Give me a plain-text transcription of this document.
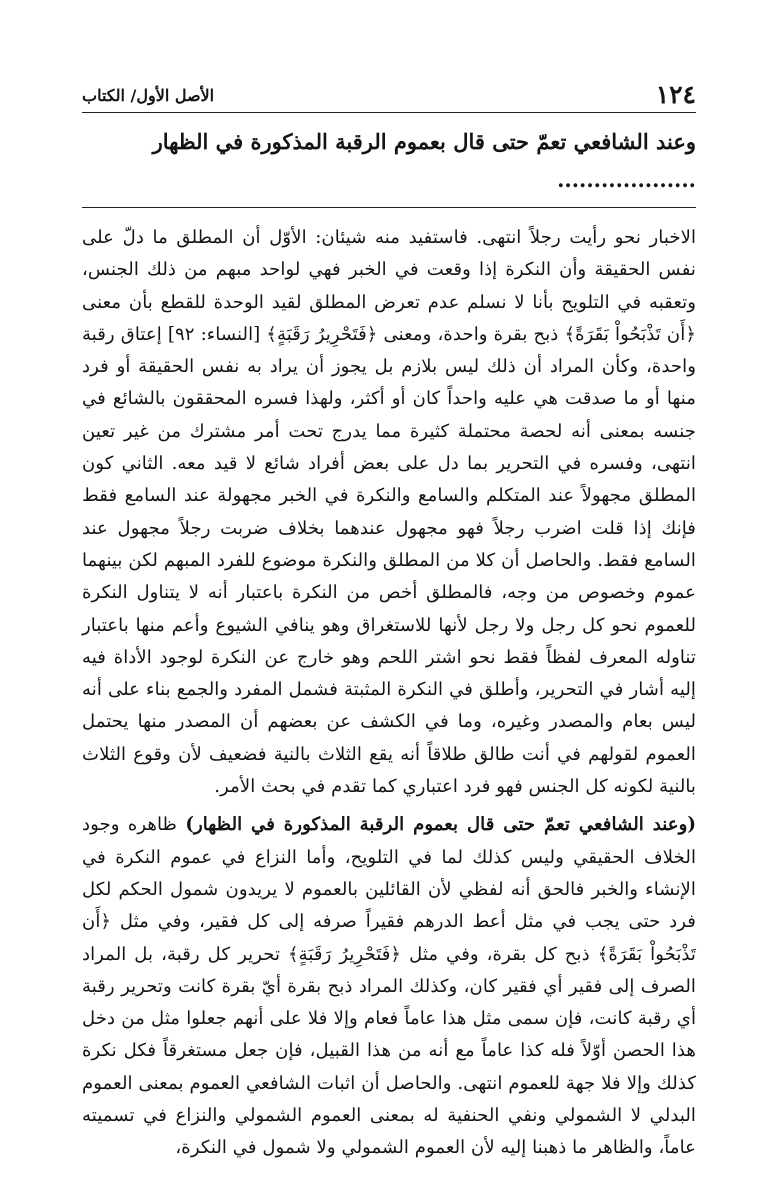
١٢٤
الأصل الأول/ الكتاب
وعند الشافعي تعمّ حتى قال بعموم الرقبة المذكورة في الظهار ...................

الاخبار نحو رأيت رجلاً انتهى. فاستفيد منه شيئان: الأوّل أن المطلق ما دلّ على نفس الحقيقة وأن النكرة إذا وقعت في الخبر فهي لواحد مبهم من ذلك الجنس، وتعقبه في التلويح بأنا لا نسلم عدم تعرض المطلق لقيد الوحدة للقطع بأن معنى ﴿أَن تَذْبَحُواْ بَقَرَةً﴾ ذبح بقرة واحدة، ومعنى ﴿فَتَحْرِيرُ رَقَبَةٍ﴾ [النساء: ٩٢] إعتاق رقبة واحدة، وكأن المراد أن ذلك ليس بلازم بل يجوز أن يراد به نفس الحقيقة أو فرد منها أو ما صدقت هي عليه واحداً كان أو أكثر، ولهذا فسره المحققون بالشائع في جنسه بمعنى أنه لحصة محتملة كثيرة مما يدرج تحت أمر مشترك من غير تعين انتهى، وفسره في التحرير بما دل على بعض أفراد شائع لا قيد معه. الثاني كون المطلق مجهولاً عند المتكلم والسامع والنكرة في الخبر مجهولة عند السامع فقط فإنك إذا قلت اضرب رجلاً فهو مجهول عندهما بخلاف ضربت رجلاً مجهول عند السامع فقط. والحاصل أن كلا من المطلق والنكرة موضوع للفرد المبهم لكن بينهما عموم وخصوص من وجه، فالمطلق أخص من النكرة باعتبار أنه لا يتناول النكرة للعموم نحو كل رجل ولا رجل لأنها للاستغراق وهو ينافي الشيوع وأعم منها باعتبار تناوله المعرف لفظاً فقط نحو اشتر اللحم وهو خارج عن النكرة لوجود الأداة فيه إليه أشار في التحرير، وأطلق في النكرة المثبتة فشمل المفرد والجمع بناء على أنه ليس بعام والمصدر وغيره، وما في الكشف عن بعضهم أن المصدر منها يحتمل العموم لقولهم في أنت طالق طلاقاً أنه يقع الثلاث بالنية فضعيف لأن وقوع الثلاث بالنية لكونه كل الجنس فهو فرد اعتباري كما تقدم في بحث الأمر.

(وعند الشافعي تعمّ حتى قال بعموم الرقبة المذكورة في الظهار) ظاهره وجود الخلاف الحقيقي وليس كذلك لما في التلويح، وأما النزاع في عموم النكرة في الإنشاء والخبر فالحق أنه لفظي لأن القائلين بالعموم لا يريدون شمول الحكم لكل فرد حتى يجب في مثل أعط الدرهم فقيراً صرفه إلى كل فقير، وفي مثل ﴿أَن تَذْبَحُواْ بَقَرَةً﴾ ذبح كل بقرة، وفي مثل ﴿فَتَحْرِيرُ رَقَبَةٍ﴾ تحرير كل رقبة، بل المراد الصرف إلى فقير أي فقير كان، وكذلك المراد ذبح بقرة أيّ بقرة كانت وتحرير رقبة أي رقبة كانت، فإن سمى مثل هذا عاماً فعام وإلا فلا على أنهم جعلوا مثل من دخل هذا الحصن أوّلاً فله كذا عاماً مع أنه من هذا القبيل، فإن جعل مستغرقاً فكل نكرة كذلك وإلا فلا جهة للعموم انتهى. والحاصل أن اثبات الشافعي العموم بمعنى العموم البدلي لا الشمولي ونفي الحنفية له بمعنى العموم الشمولي والنزاع في تسميته عاماً، والظاهر ما ذهبنا إليه لأن العموم الشمولي ولا شمول في النكرة،
